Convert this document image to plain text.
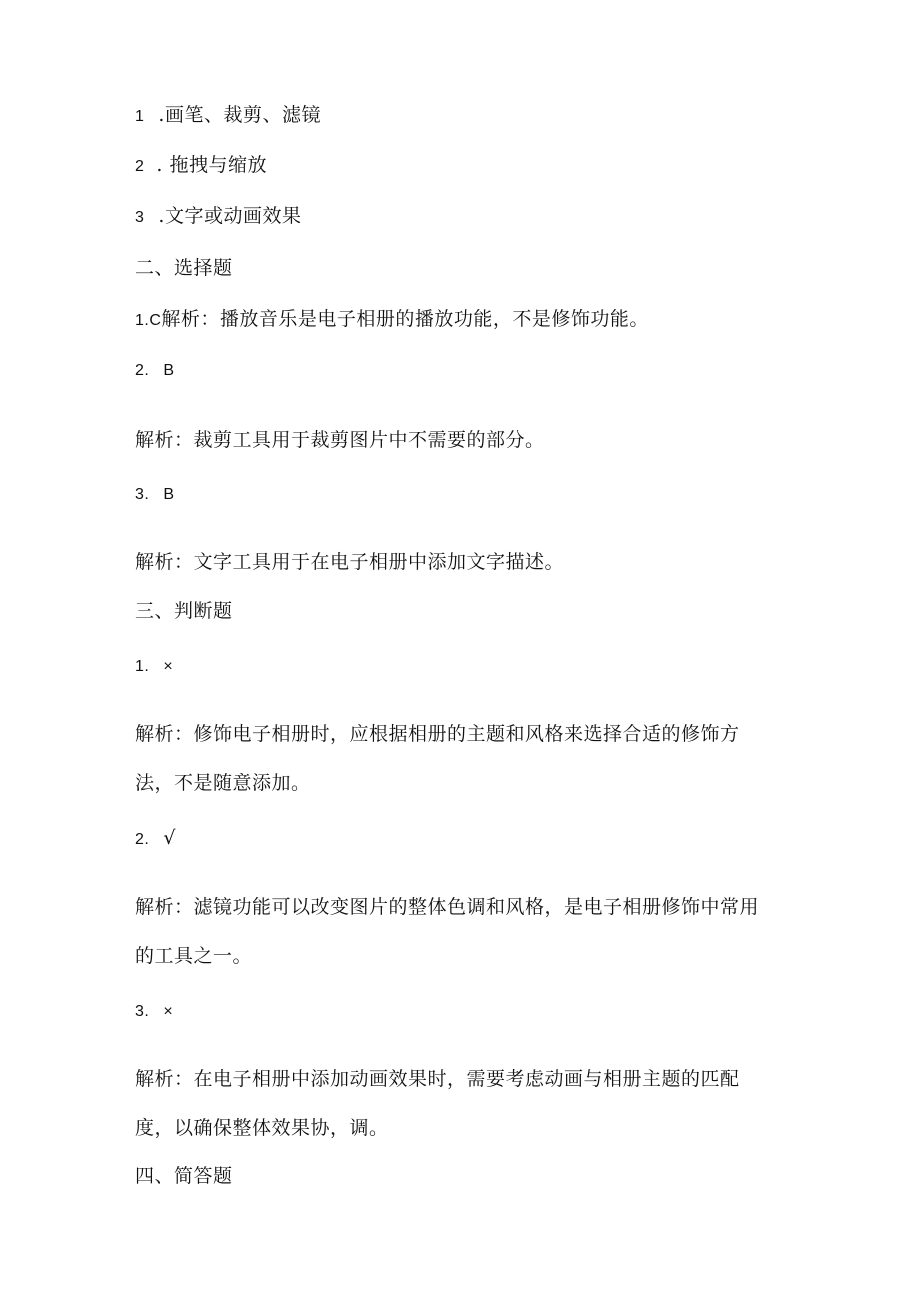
1 .画笔、裁剪、滤镜
2 . 拖拽与缩放
3 .文字或动画效果
二、选择题
1.C解析：播放音乐是电子相册的播放功能，不是修饰功能。
2. B
解析：裁剪工具用于裁剪图片中不需要的部分。
3. B
解析：文字工具用于在电子相册中添加文字描述。
三、判断题
1. ×
解析：修饰电子相册时，应根据相册的主题和风格来选择合适的修饰方
法，不是随意添加。
2. √
解析：滤镜功能可以改变图片的整体色调和风格，是电子相册修饰中常用
的工具之一。
3. ×
解析：在电子相册中添加动画效果时，需要考虑动画与相册主题的匹配
度，以确保整体效果协，调。
四、简答题
